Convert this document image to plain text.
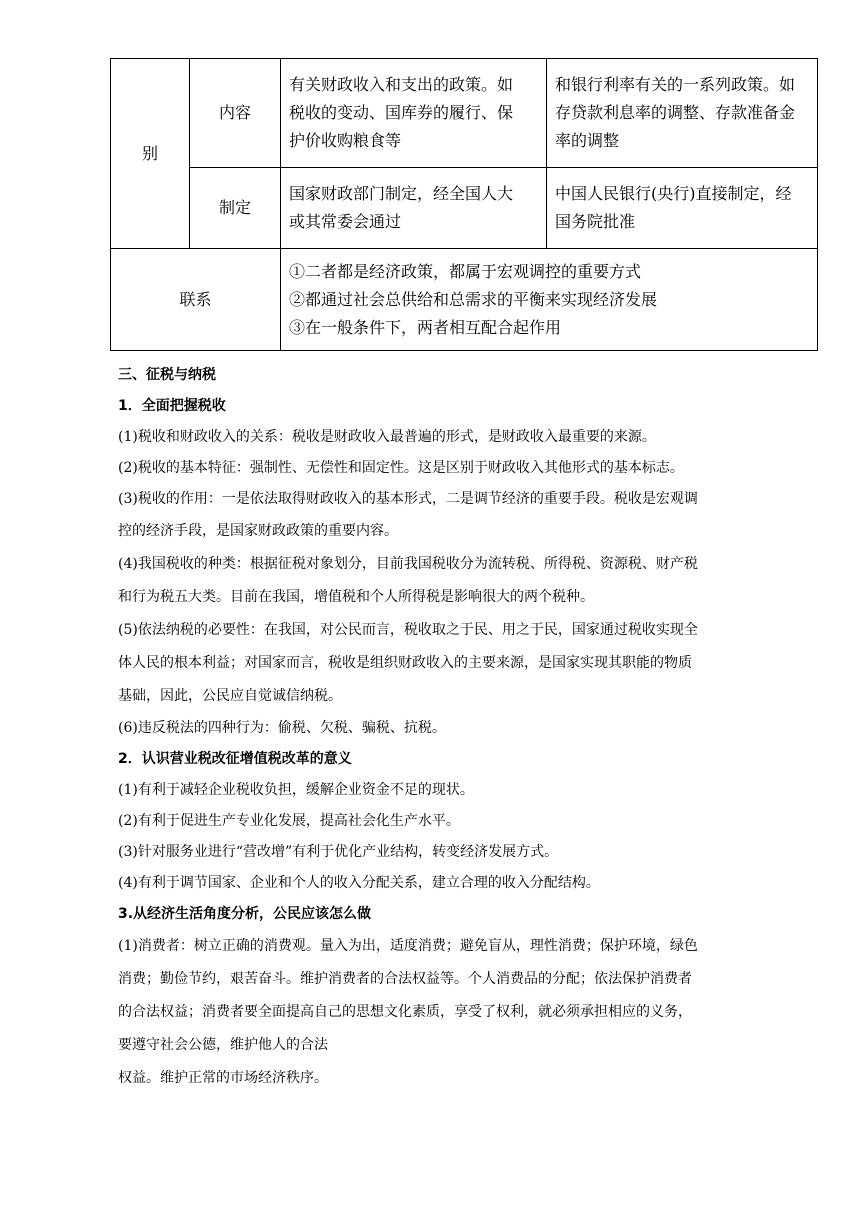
别	内容	有关财政收入和支出的政策。如
税收的变动、国库券的履行、保
护价收购粮食等	和银行利率有关的一系列政策。如
存贷款利息率的调整、存款准备金
率的调整

	制定	国家财政部门制定，经全国人大
或其常委会通过	中国人民银行(央行)直接制定，经
国务院批准

联系		①二者都是经济政策，都属于宏观调控的重要方式
②都通过社会总供给和总需求的平衡来实现经济发展
③在一般条件下，两者相互配合起作用	

三、征税与纳税

1．全面把握税收

(1)税收和财政收入的关系：税收是财政收入最普遍的形式，是财政收入最重要的来源。

(2)税收的基本特征：强制性、无偿性和固定性。这是区别于财政收入其他形式的基本标志。

(3)税收的作用：一是依法取得财政收入的基本形式，二是调节经济的重要手段。税收是宏观调

控的经济手段，是国家财政政策的重要内容。

(4)我国税收的种类：根据征税对象划分，目前我国税收分为流转税、所得税、资源税、财产税

和行为税五大类。目前在我国，增值税和个人所得税是影响很大的两个税种。

(5)依法纳税的必要性：在我国，对公民而言，税收取之于民、用之于民，国家通过税收实现全

体人民的根本利益；对国家而言，税收是组织财政收入的主要来源，是国家实现其职能的物质

基础，因此，公民应自觉诚信纳税。

(6)违反税法的四种行为：偷税、欠税、骗税、抗税。

2．认识营业税改征增值税改革的意义

(1)有利于减轻企业税收负担，缓解企业资金不足的现状。

(2)有利于促进生产专业化发展，提高社会化生产水平。

(3)针对服务业进行“营改增”有利于优化产业结构，转变经济发展方式。

(4)有利于调节国家、企业和个人的收入分配关系，建立合理的收入分配结构。

3.从经济生活角度分析，公民应该怎么做

(1)消费者：树立正确的消费观。量入为出，适度消费；避免盲从，理性消费；保护环境，绿色

消费；勤俭节约，艰苦奋斗。维护消费者的合法权益等。个人消费品的分配；依法保护消费者

的合法权益；消费者要全面提高自己的思想文化素质，享受了权利，就必须承担相应的义务，

要遵守社会公德，维护他人的合法

权益。维护正常的市场经济秩序。
